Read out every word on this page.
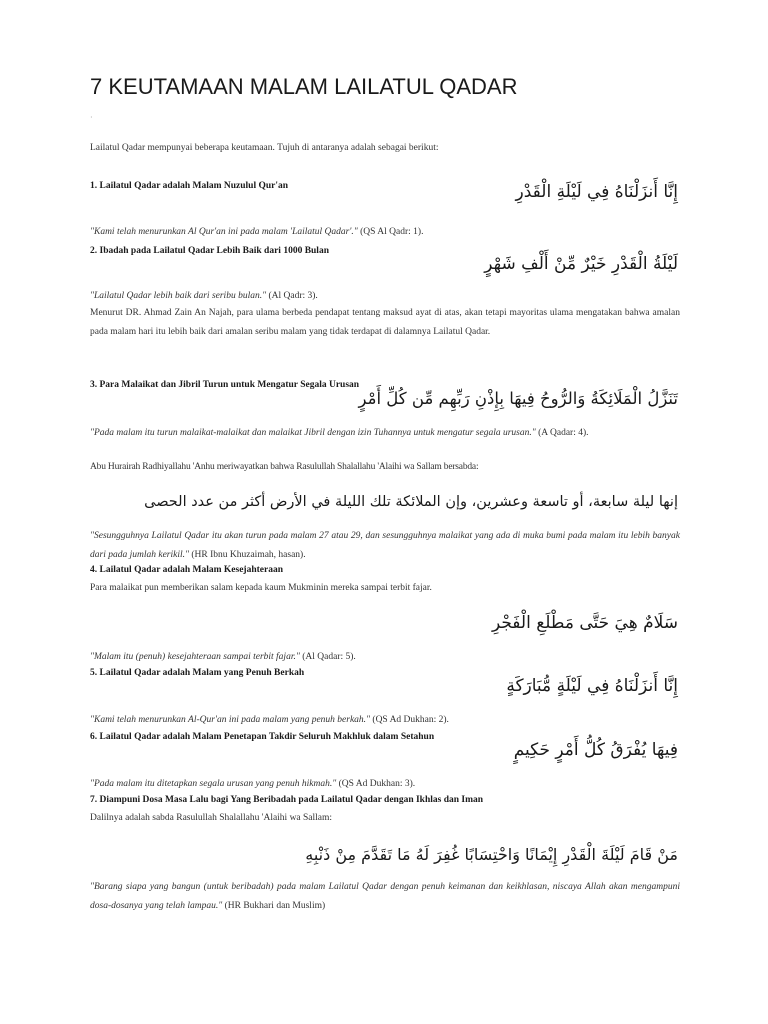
7 KEUTAMAAN MALAM LAILATUL QADAR
·
Lailatul Qadar mempunyai beberapa keutamaan. Tujuh di antaranya adalah sebagai berikut:
1. Lailatul Qadar adalah Malam Nuzulul Qur'an	إِنَّا أَنزَلْنَاهُ فِي لَيْلَةِ الْقَدْرِ
"Kami telah menurunkan Al Qur'an ini pada malam 'Lailatul Qadar'." (QS Al Qadr: 1).
2. Ibadah pada Lailatul Qadar Lebih Baik dari 1000 Bulan
لَيْلَةُ الْقَدْرِ خَيْرٌ مِّنْ أَلْفِ شَهْرٍ
"Lailatul Qadar lebih baik dari seribu bulan." (Al Qadr: 3).
Menurut DR. Ahmad Zain An Najah, para ulama berbeda pendapat tentang maksud ayat di atas, akan tetapi mayoritas ulama mengatakan bahwa amalan pada malam hari itu lebih baik dari amalan seribu malam yang tidak terdapat di dalamnya Lailatul Qadar.
3. Para Malaikat dan Jibril Turun untuk Mengatur Segala Urusan
تَنَزَّلُ الْمَلَائِكَةُ وَالرُّوحُ فِيهَا بِإِذْنِ رَبِّهِم مِّن كُلِّ أَمْرٍ
"Pada malam itu turun malaikat-malaikat dan malaikat Jibril dengan izin Tuhannya untuk mengatur segala urusan." (A Qadar: 4).
Abu Hurairah Radhiyallahu 'Anhu meriwayatkan bahwa Rasulullah Shalallahu 'Alaihi wa Sallam bersabda:
إنها ليلة سابعة، أو تاسعة وعشرين، وإن الملائكة تلك الليلة في الأرض أكثر من عدد الحصى
"Sesungguhnya Lailatul Qadar itu akan turun pada malam 27 atau 29, dan sesungguhnya malaikat yang ada di muka bumi pada malam itu lebih banyak dari pada jumlah kerikil." (HR Ibnu Khuzaimah, hasan).
4. Lailatul Qadar adalah Malam Kesejahteraan
Para malaikat pun memberikan salam kepada kaum Mukminin mereka sampai terbit fajar.
سَلَامٌ هِيَ حَتَّى مَطْلَعِ الْفَجْرِ
"Malam itu (penuh) kesejahteraan sampai terbit fajar." (Al Qadar: 5).
5. Lailatul Qadar adalah Malam yang Penuh Berkah
إِنَّا أَنزَلْنَاهُ فِي لَيْلَةٍ مُّبَارَكَةٍ
"Kami telah menurunkan Al-Qur'an ini pada malam yang penuh berkah." (QS Ad Dukhan: 2).
6. Lailatul Qadar adalah Malam Penetapan Takdir Seluruh Makhluk dalam Setahun
فِيهَا يُفْرَقُ كُلُّ أَمْرٍ حَكِيمٍ
"Pada malam itu ditetapkan segala urusan yang penuh hikmah." (QS Ad Dukhan: 3).
7. Diampuni Dosa Masa Lalu bagi Yang Beribadah pada Lailatul Qadar dengan Ikhlas dan Iman
Dalilnya adalah sabda Rasulullah Shalallahu 'Alaihi wa Sallam:
مَنْ قَامَ لَيْلَةَ الْقَدْرِ إِيْمَانًا وَاحْتِسَابًا غُفِرَ لَهُ مَا تَقَدَّمَ مِنْ ذَنْبِهِ
"Barang siapa yang bangun (untuk beribadah) pada malam Lailatul Qadar dengan penuh keimanan dan keikhlasan, niscaya Allah akan mengampuni dosa-dosanya yang telah lampau." (HR Bukhari dan Muslim)
